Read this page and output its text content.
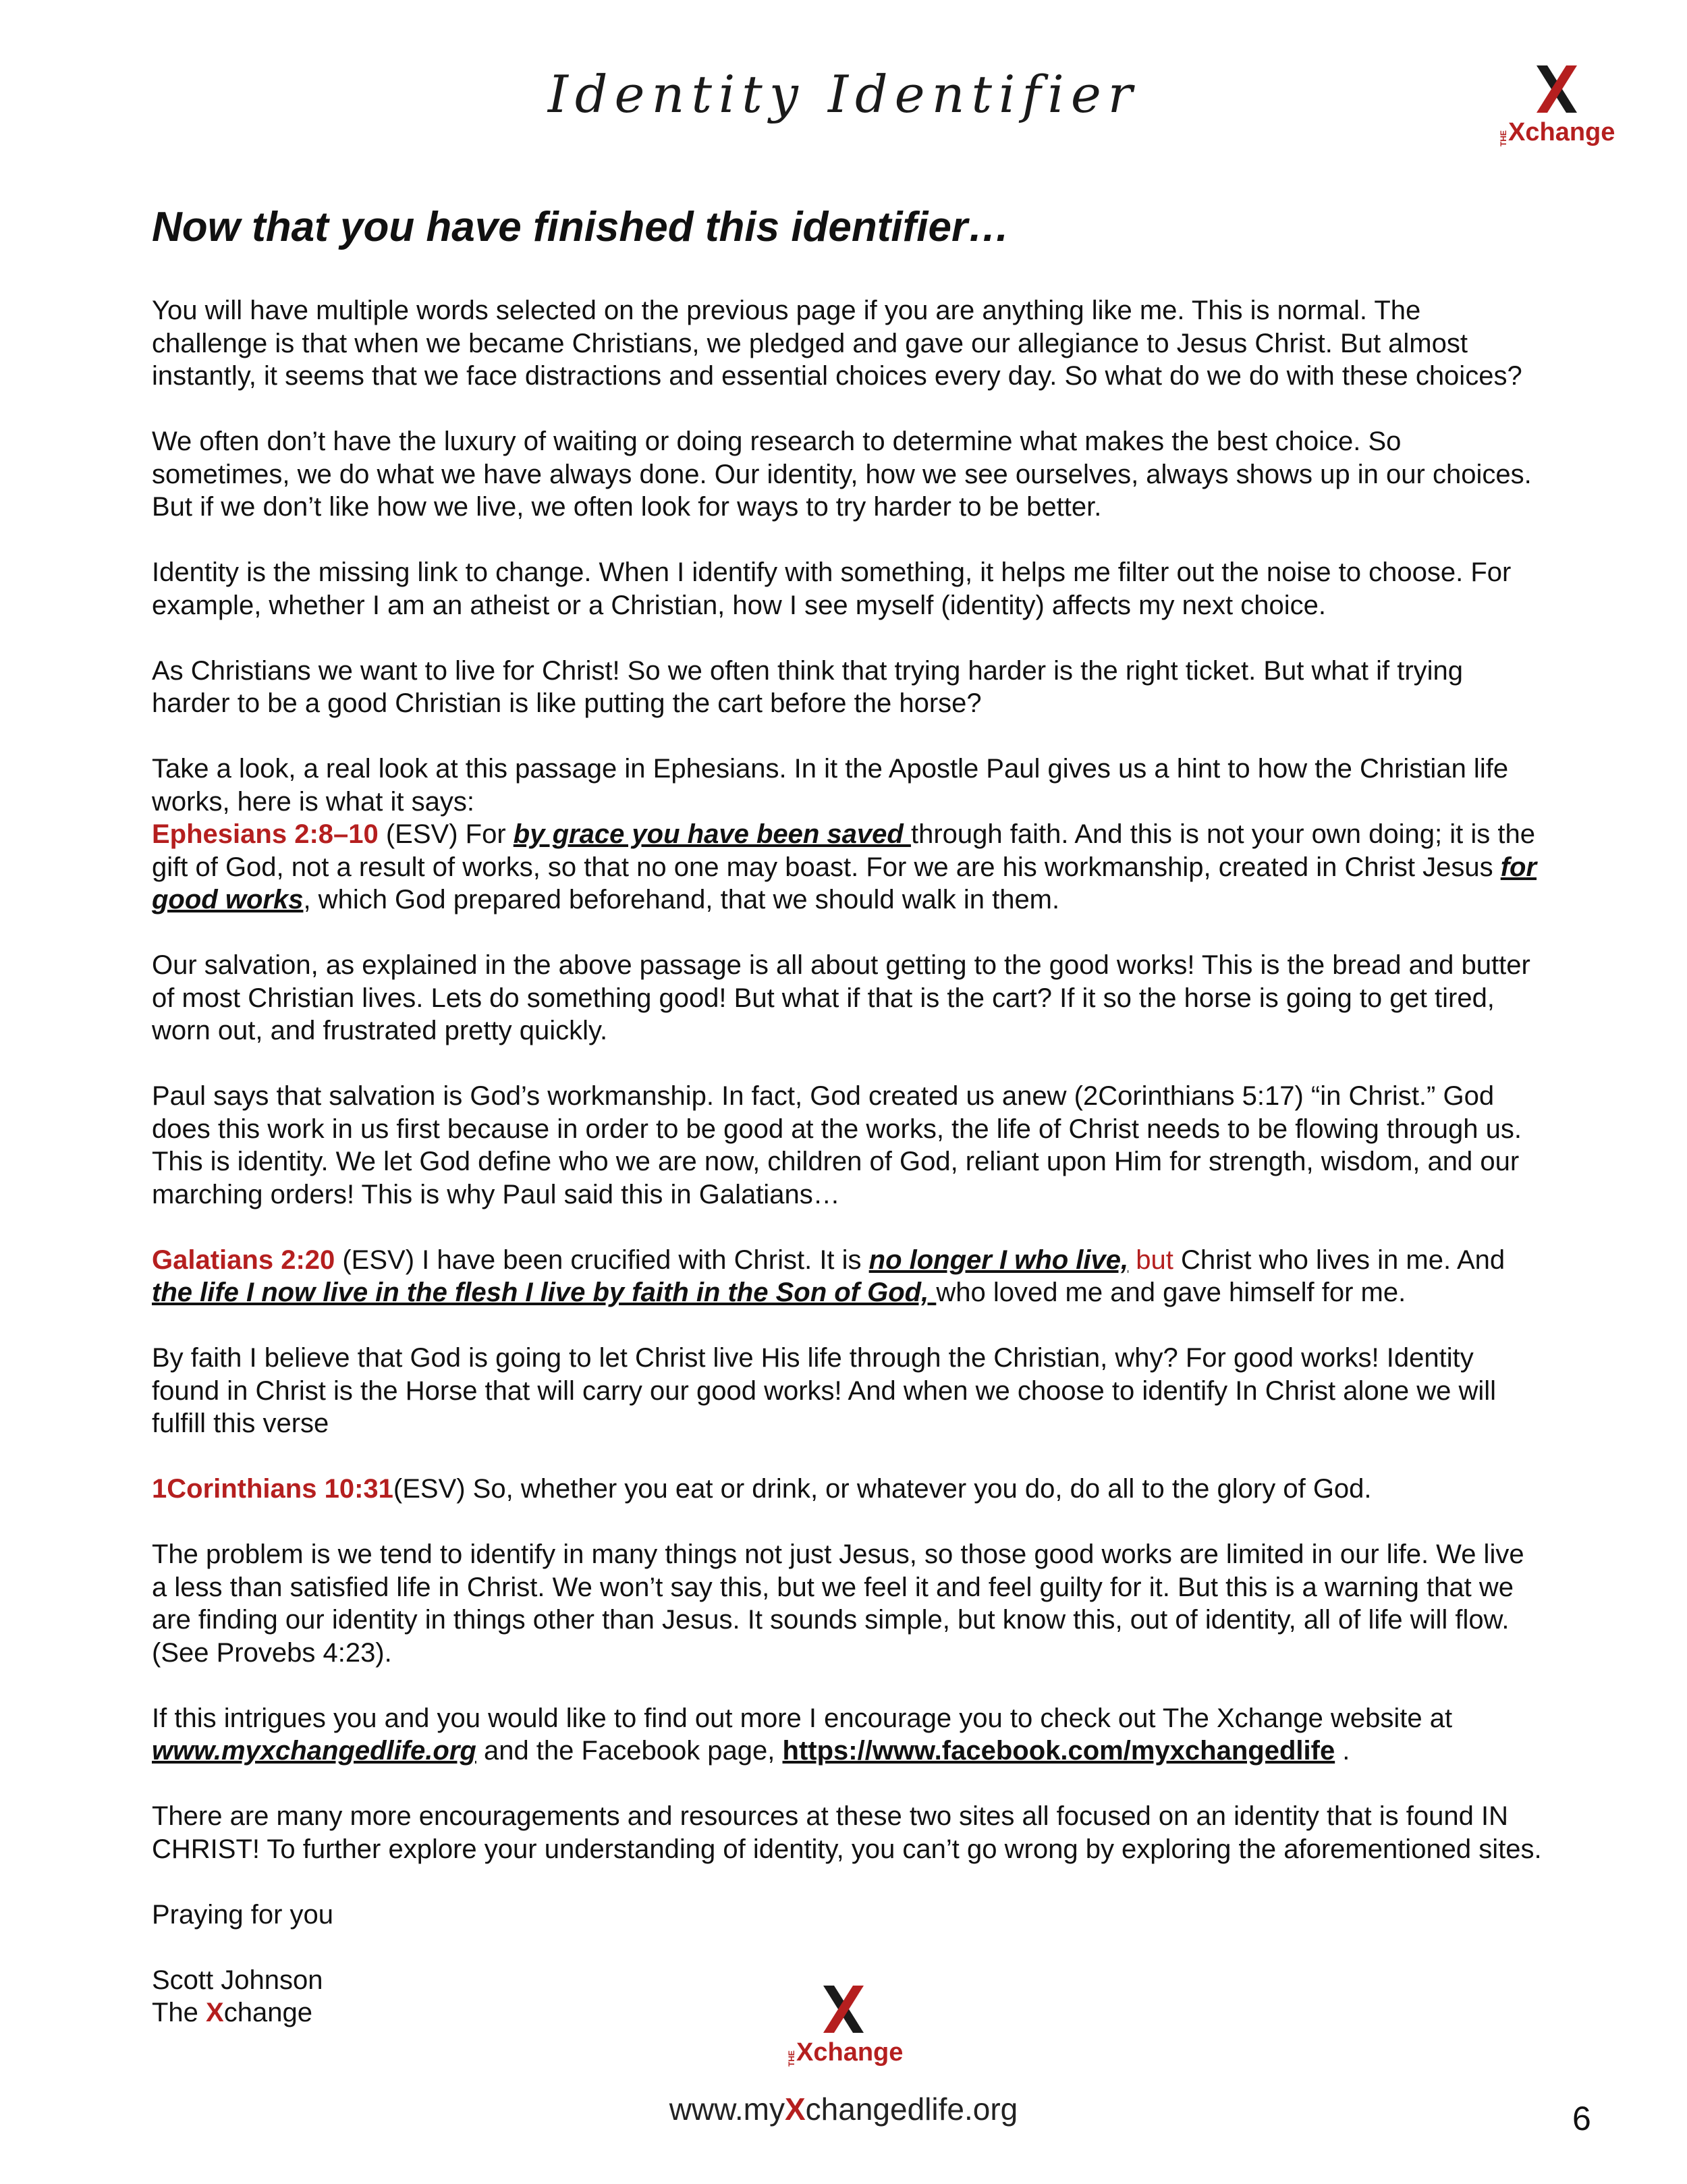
Identity Identifier
THE Xchange
Now that you have finished this identifier…

You will have multiple words selected on the previous page if you are anything like me. This is normal. The challenge is that when we became Christians, we pledged and gave our allegiance to Jesus Christ. But almost instantly, it seems that we face distractions and essential choices every day. So what do we do with these choices?

We often don’t have the luxury of waiting or doing research to determine what makes the best choice. So sometimes, we do what we have always done. Our identity, how we see ourselves, always shows up in our choices. But if we don’t like how we live, we often look for ways to try harder to be better.

Identity is the missing link to change. When I identify with something, it helps me filter out the noise to choose. For example, whether I am an atheist or a Christian, how I see myself (identity) affects my next choice.

As Christians we want to live for Christ! So we often think that trying harder is the right ticket. But what if trying harder to be a good Christian is like putting the cart before the horse?

Take a look, a real look at this passage in Ephesians. In it the Apostle Paul gives us a hint to how the Christian life works, here is what it says:

Ephesians 2:8–10 (ESV) For by grace you have been saved through faith. And this is not your own doing; it is the gift of God, not a result of works, so that no one may boast. For we are his workmanship, created in Christ Jesus for good works, which God prepared beforehand, that we should walk in them.

Our salvation, as explained in the above passage is all about getting to the good works! This is the bread and butter of most Christian lives. Lets do something good! But what if that is the cart? If it so the horse is going to get tired, worn out, and frustrated pretty quickly.

Paul says that salvation is God’s workmanship. In fact, God created us anew (2Corinthians 5:17) “in Christ.” God does this work in us first because in order to be good at the works, the life of Christ needs to be flowing through us. This is identity. We let God define who we are now, children of God, reliant upon Him for strength, wisdom, and our marching orders! This is why Paul said this in Galatians…

Galatians 2:20 (ESV) I have been crucified with Christ. It is no longer I who live, but Christ who lives in me. And the life I now live in the flesh I live by faith in the Son of God, who loved me and gave himself for me.

By faith I believe that God is going to let Christ live His life through the Christian, why? For good works! Identity found in Christ is the Horse that will carry our good works! And when we choose to identify In Christ alone we will fulfill this verse

1Corinthians 10:31(ESV) So, whether you eat or drink, or whatever you do, do all to the glory of God.

The problem is we tend to identify in many things not just Jesus, so those good works are limited in our life. We live a less than satisfied life in Christ. We won’t say this, but we feel it and feel guilty for it. But this is a warning that we are finding our identity in things other than Jesus. It sounds simple, but know this, out of identity, all of life will flow. (See Provebs 4:23).

If this intrigues you and you would like to find out more I encourage you to check out The Xchange website at www.myxchangedlife.org and the Facebook page, https://www.facebook.com/myxchangedlife .

There are many more encouragements and resources at these two sites all focused on an identity that is found IN CHRIST! To further explore your understanding of identity, you can’t go wrong by exploring the aforementioned sites.

Praying for you

Scott Johnson
The Xchange

THE Xchange
www.myXchangedlife.org	6
